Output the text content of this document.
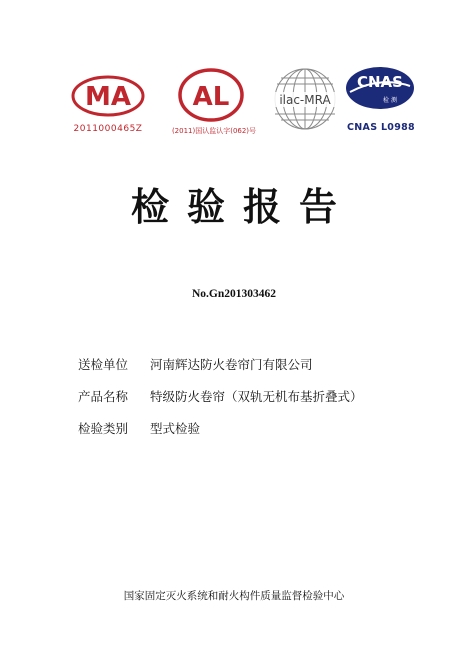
MA
2011000465Z
AL
(2011)国认监认字(062)号
ilac-MRA
CNAS
检 测
CNAS L0988
检验报告
No.Gn201303462
送检单位	河南辉达防火卷帘门有限公司
产品名称	特级防火卷帘（双轨无机布基折叠式）
检验类别	型式检验
国家固定灭火系统和耐火构件质量监督检验中心
